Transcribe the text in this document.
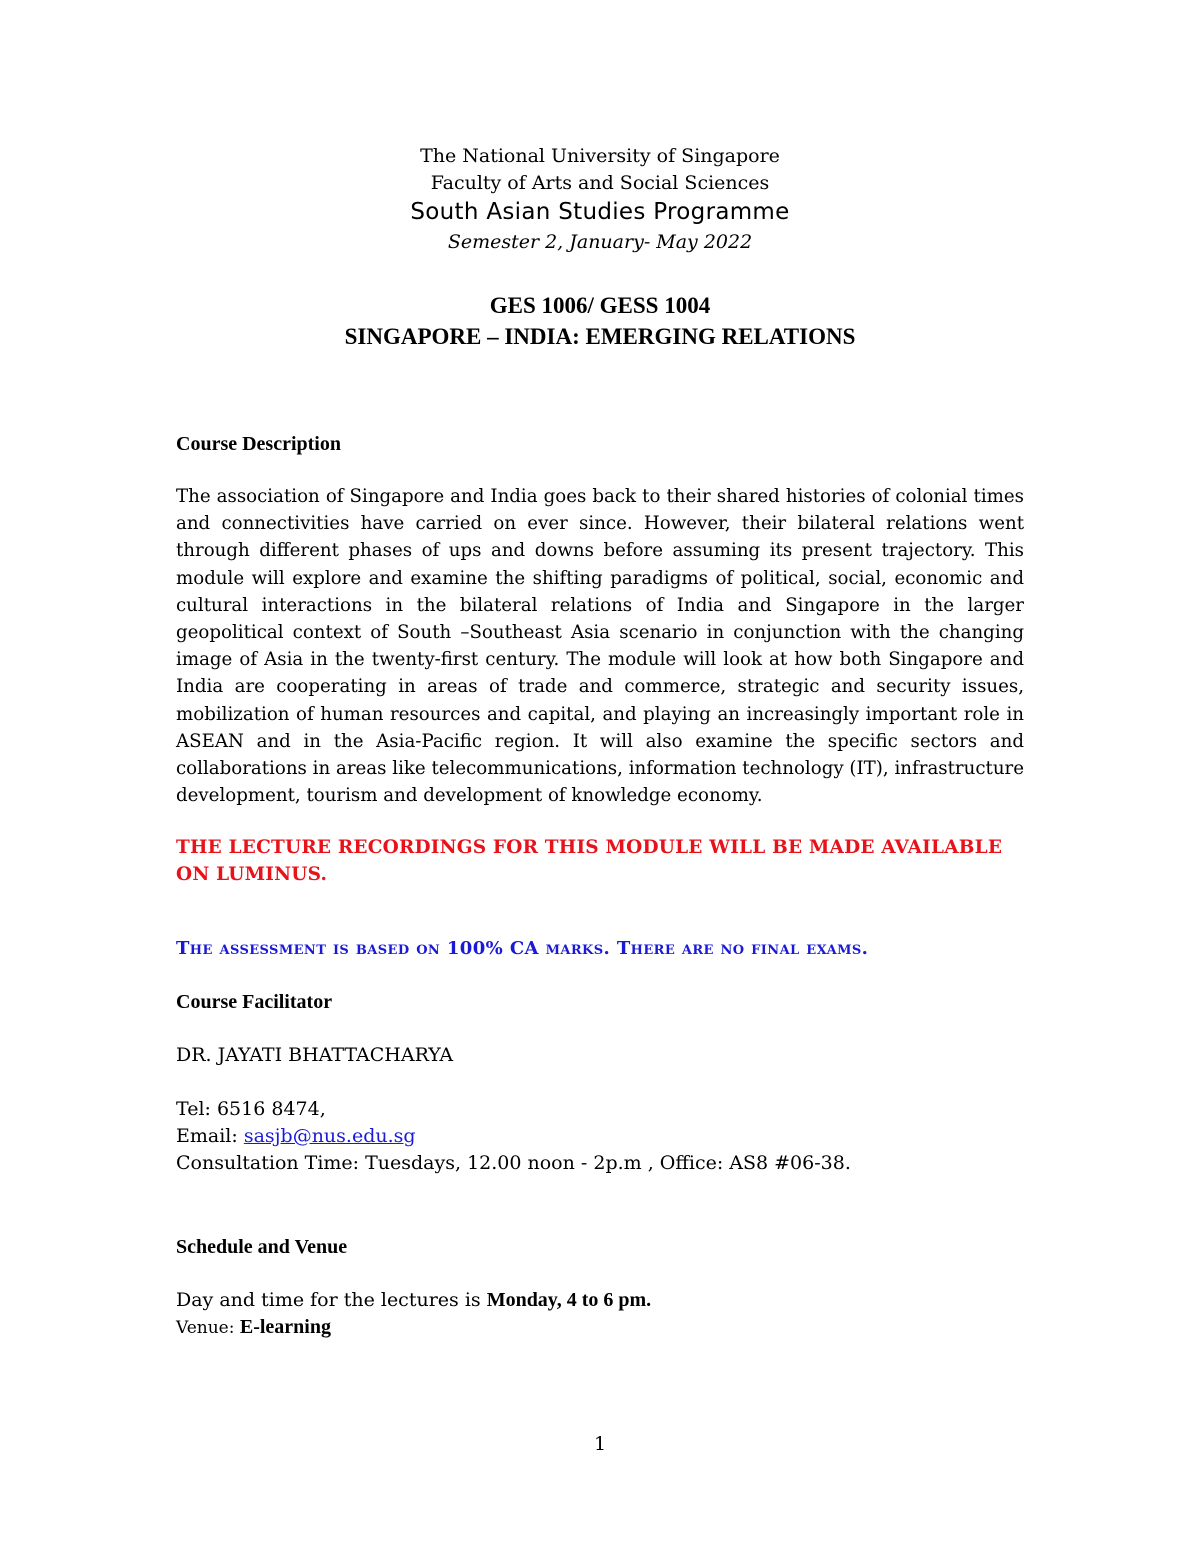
The National University of Singapore
Faculty of Arts and Social Sciences
South Asian Studies Programme
Semester 2, January- May 2022
GES 1006/ GESS 1004
SINGAPORE – INDIA: EMERGING RELATIONS
Course Description
The association of Singapore and India goes back to their shared histories of colonial times and connectivities have carried on ever since. However, their bilateral relations went through different phases of ups and downs before assuming its present trajectory. This module will explore and examine the shifting paradigms of political, social, economic and cultural interactions in the bilateral relations of India and Singapore in the larger geopolitical context of South –Southeast Asia scenario in conjunction with the changing image of Asia in the twenty-first century. The module will look at how both Singapore and India are cooperating in areas of trade and commerce, strategic and security issues, mobilization of human resources and capital, and playing an increasingly important role in ASEAN and in the Asia-Pacific region. It will also examine the specific sectors and collaborations in areas like telecommunications, information technology (IT), infrastructure development, tourism and development of knowledge economy.
THE LECTURE RECORDINGS FOR THIS MODULE WILL BE MADE AVAILABLE ON LUMINUS.
The assessment is based on 100% CA marks. There are no final exams.
Course Facilitator
DR. JAYATI BHATTACHARYA
Tel: 6516 8474,
Email: sasjb@nus.edu.sg
Consultation Time: Tuesdays, 12.00 noon - 2p.m , Office: AS8 #06-38.
Schedule and Venue
Day and time for the lectures is Monday, 4 to 6 pm.
Venue: E-learning
1
